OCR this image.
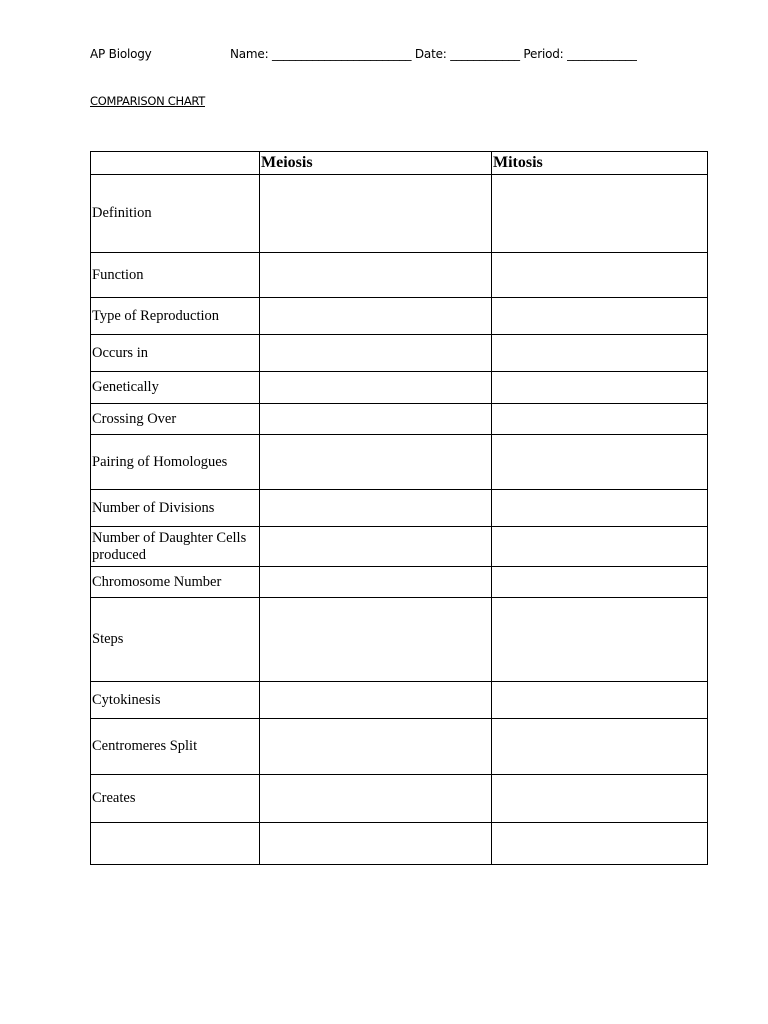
AP Biology	Name: ________________________ Date: ____________ Period: ____________
COMPARISON CHART
	Meiosis	Mitosis
Definition		
Function		
Type of Reproduction		
Occurs in		
Genetically		
Crossing Over		
Pairing of Homologues		
Number of Divisions		
Number of Daughter Cells produced		
Chromosome Number		
Steps		
Cytokinesis		
Centromeres Split		
Creates		
